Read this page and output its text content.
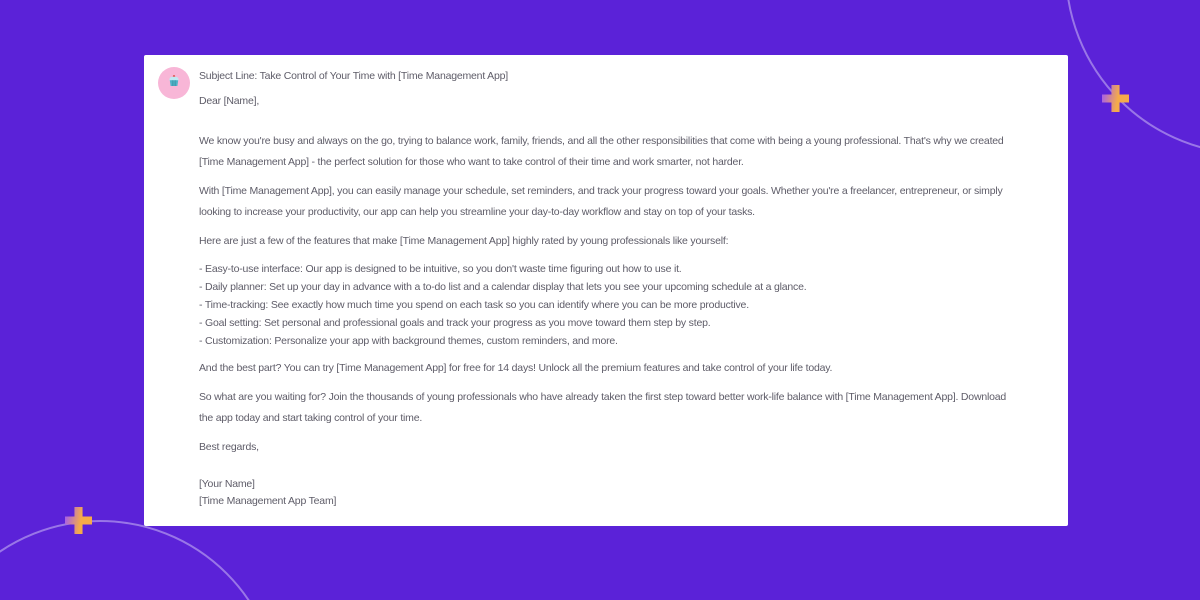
Subject Line: Take Control of Your Time with [Time Management App]
Dear [Name],
We know you're busy and always on the go, trying to balance work, family, friends, and all the other responsibilities that come with being a young professional. That's why we created
[Time Management App] - the perfect solution for those who want to take control of their time and work smarter, not harder.
With [Time Management App], you can easily manage your schedule, set reminders, and track your progress toward your goals. Whether you're a freelancer, entrepreneur, or simply
looking to increase your productivity, our app can help you streamline your day-to-day workflow and stay on top of your tasks.
Here are just a few of the features that make [Time Management App] highly rated by young professionals like yourself:
- Easy-to-use interface: Our app is designed to be intuitive, so you don't waste time figuring out how to use it.
- Daily planner: Set up your day in advance with a to-do list and a calendar display that lets you see your upcoming schedule at a glance.
- Time-tracking: See exactly how much time you spend on each task so you can identify where you can be more productive.
- Goal setting: Set personal and professional goals and track your progress as you move toward them step by step.
- Customization: Personalize your app with background themes, custom reminders, and more.
And the best part? You can try [Time Management App] for free for 14 days! Unlock all the premium features and take control of your life today.
So what are you waiting for? Join the thousands of young professionals who have already taken the first step toward better work-life balance with [Time Management App]. Download
the app today and start taking control of your time.
Best regards,
[Your Name]
[Time Management App Team]
